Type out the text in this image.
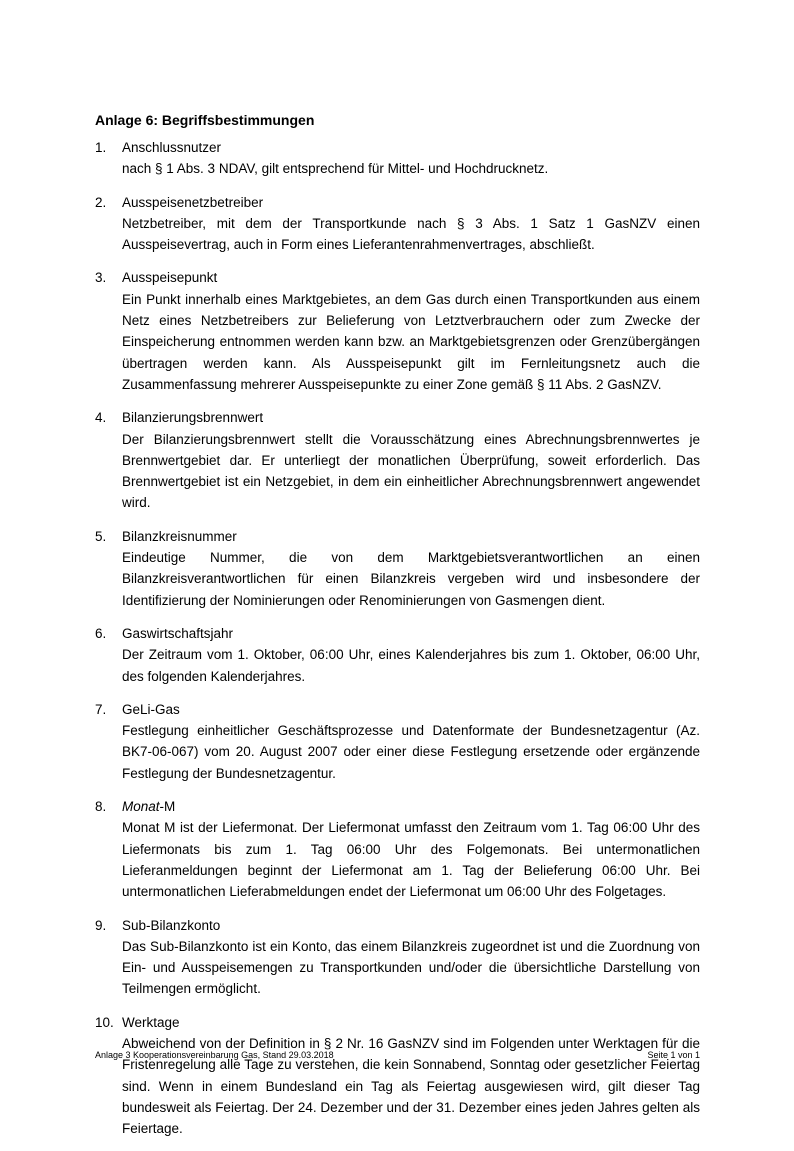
Anlage 6: Begriffsbestimmungen
1. Anschlussnutzer
nach § 1 Abs. 3 NDAV, gilt entsprechend für Mittel- und Hochdrucknetz.
2. Ausspeisenetzbetreiber
Netzbetreiber, mit dem der Transportkunde nach § 3 Abs. 1 Satz 1 GasNZV einen Ausspeisevertrag, auch in Form eines Lieferantenrahmenvertrages, abschließt.
3. Ausspeisepunkt
Ein Punkt innerhalb eines Marktgebietes, an dem Gas durch einen Transportkunden aus einem Netz eines Netzbetreibers zur Belieferung von Letztverbrauchern oder zum Zwecke der Einspeicherung entnommen werden kann bzw. an Marktgebietsgrenzen oder Grenzübergängen übertragen werden kann. Als Ausspeisepunkt gilt im Fernleitungsnetz auch die Zusammenfassung mehrerer Ausspeisepunkte zu einer Zone gemäß § 11 Abs. 2 GasNZV.
4. Bilanzierungsbrennwert
Der Bilanzierungsbrennwert stellt die Vorausschätzung eines Abrechnungsbrennwertes je Brennwertgebiet dar. Er unterliegt der monatlichen Überprüfung, soweit erforderlich. Das Brennwertgebiet ist ein Netzgebiet, in dem ein einheitlicher Abrechnungsbrennwert angewendet wird.
5. Bilanzkreisnummer
Eindeutige Nummer, die von dem Marktgebietsverantwortlichen an einen Bilanzkreisverantwortlichen für einen Bilanzkreis vergeben wird und insbesondere der Identifizierung der Nominierungen oder Renominierungen von Gasmengen dient.
6. Gaswirtschaftsjahr
Der Zeitraum vom 1. Oktober, 06:00 Uhr, eines Kalenderjahres bis zum 1. Oktober, 06:00 Uhr, des folgenden Kalenderjahres.
7. GeLi-Gas
Festlegung einheitlicher Geschäftsprozesse und Datenformate der Bundesnetzagentur (Az. BK7-06-067) vom 20. August 2007 oder einer diese Festlegung ersetzende oder ergänzende Festlegung der Bundesnetzagentur.
8. Monat-M
Monat M ist der Liefermonat. Der Liefermonat umfasst den Zeitraum vom 1. Tag 06:00 Uhr des Liefermonats bis zum 1. Tag 06:00 Uhr des Folgemonats. Bei untermonatlichen Lieferanmeldungen beginnt der Liefermonat am 1. Tag der Belieferung 06:00 Uhr. Bei untermonatlichen Lieferabmeldungen endet der Liefermonat um 06:00 Uhr des Folgetages.
9. Sub-Bilanzkonto
Das Sub-Bilanzkonto ist ein Konto, das einem Bilanzkreis zugeordnet ist und die Zuordnung von Ein- und Ausspeisemengen zu Transportkunden und/oder die übersichtliche Darstellung von Teilmengen ermöglicht.
10. Werktage
Abweichend von der Definition in § 2 Nr. 16 GasNZV sind im Folgenden unter Werktagen für die Fristenregelung alle Tage zu verstehen, die kein Sonnabend, Sonntag oder gesetzlicher Feiertag sind. Wenn in einem Bundesland ein Tag als Feiertag ausgewiesen wird, gilt dieser Tag bundesweit als Feiertag. Der 24. Dezember und der 31. Dezember eines jeden Jahres gelten als Feiertage.
Anlage 3 Kooperationsvereinbarung Gas, Stand 29.03.2018	Seite 1 von 1
